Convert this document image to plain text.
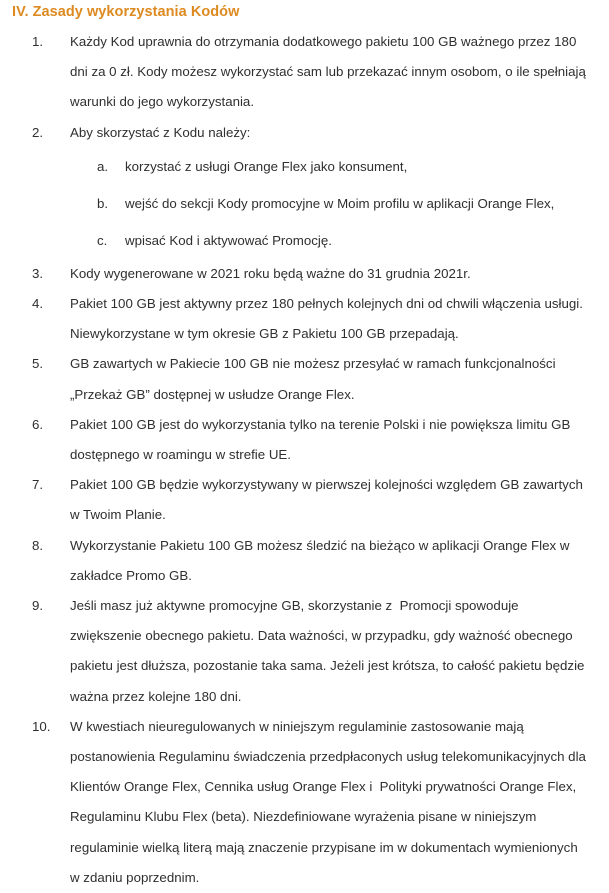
IV. Zasady wykorzystania Kodów
1.	Każdy Kod uprawnia do otrzymania dodatkowego pakietu 100 GB ważnego przez 180 dni za 0 zł. Kody możesz wykorzystać sam lub przekazać innym osobom, o ile spełniają warunki do jego wykorzystania.
2.	Aby skorzystać z Kodu należy:
a.	korzystać z usługi Orange Flex jako konsument,
b.	wejść do sekcji Kody promocyjne w Moim profilu w aplikacji Orange Flex,
c.	wpisać Kod i aktywować Promocję.
3.	Kody wygenerowane w 2021 roku będą ważne do 31 grudnia 2021r.
4.	Pakiet 100 GB jest aktywny przez 180 pełnych kolejnych dni od chwili włączenia usługi. Niewykorzystane w tym okresie GB z Pakietu 100 GB przepadają.
5.	GB zawartych w Pakiecie 100 GB nie możesz przesyłać w ramach funkcjonalności „Przekaż GB” dostępnej w usłudze Orange Flex.
6.	Pakiet 100 GB jest do wykorzystania tylko na terenie Polski i nie powiększa limitu GB dostępnego w roamingu w strefie UE.
7.	Pakiet 100 GB będzie wykorzystywany w pierwszej kolejności względem GB zawartych w Twoim Planie.
8.	Wykorzystanie Pakietu 100 GB możesz śledzić na bieżąco w aplikacji Orange Flex w zakładce Promo GB.
9.	Jeśli masz już aktywne promocyjne GB, skorzystanie z  Promocji spowoduje zwiększenie obecnego pakietu. Data ważności, w przypadku, gdy ważność obecnego pakietu jest dłuższa, pozostanie taka sama. Jeżeli jest krótsza, to całość pakietu będzie ważna przez kolejne 180 dni.
10.	W kwestiach nieuregulowanych w niniejszym regulaminie zastosowanie mają postanowienia Regulaminu świadczenia przedpłaconych usług telekomunikacyjnych dla Klientów Orange Flex, Cennika usług Orange Flex i  Polityki prywatności Orange Flex, Regulaminu Klubu Flex (beta). Niezdefiniowane wyrażenia pisane w niniejszym regulaminie wielką literą mają znaczenie przypisane im w dokumentach wymienionych w zdaniu poprzednim.
